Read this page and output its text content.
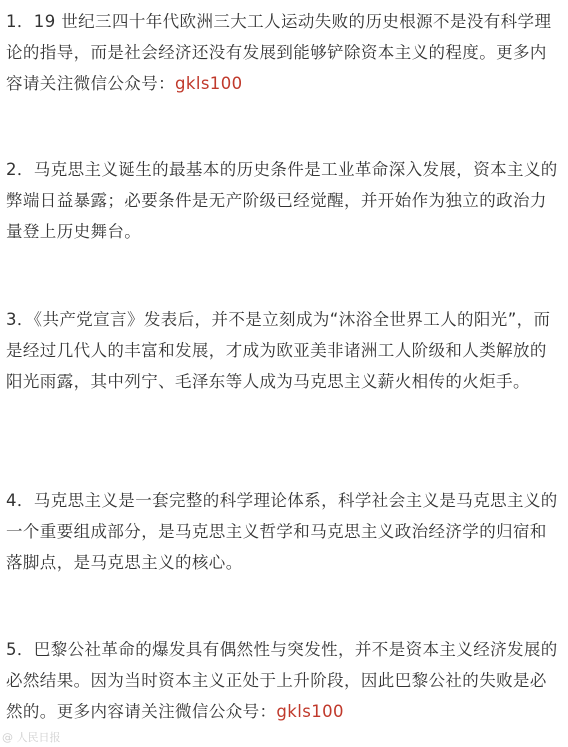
1．19 世纪三四十年代欧洲三大工人运动失败的历史根源不是没有科学理论的指导，而是社会经济还没有发展到能够铲除资本主义的程度。更多内容请关注微信公众号：gkls100

2．马克思主义诞生的最基本的历史条件是工业革命深入发展，资本主义的弊端日益暴露；必要条件是无产阶级已经觉醒，并开始作为独立的政治力量登上历史舞台。

3．《共产党宣言》发表后，并不是立刻成为“沐浴全世界工人的阳光”，而是经过几代人的丰富和发展，才成为欧亚美非诸洲工人阶级和人类解放的阳光雨露，其中列宁、毛泽东等人成为马克思主义薪火相传的火炬手。

4．马克思主义是一套完整的科学理论体系，科学社会主义是马克思主义的一个重要组成部分，是马克思主义哲学和马克思主义政治经济学的归宿和落脚点，是马克思主义的核心。

5．巴黎公社革命的爆发具有偶然性与突发性，并不是资本主义经济发展的必然结果。因为当时资本主义正处于上升阶段，因此巴黎公社的失败是必然的。更多内容请关注微信公众号：gkls100

@ 人民日报
